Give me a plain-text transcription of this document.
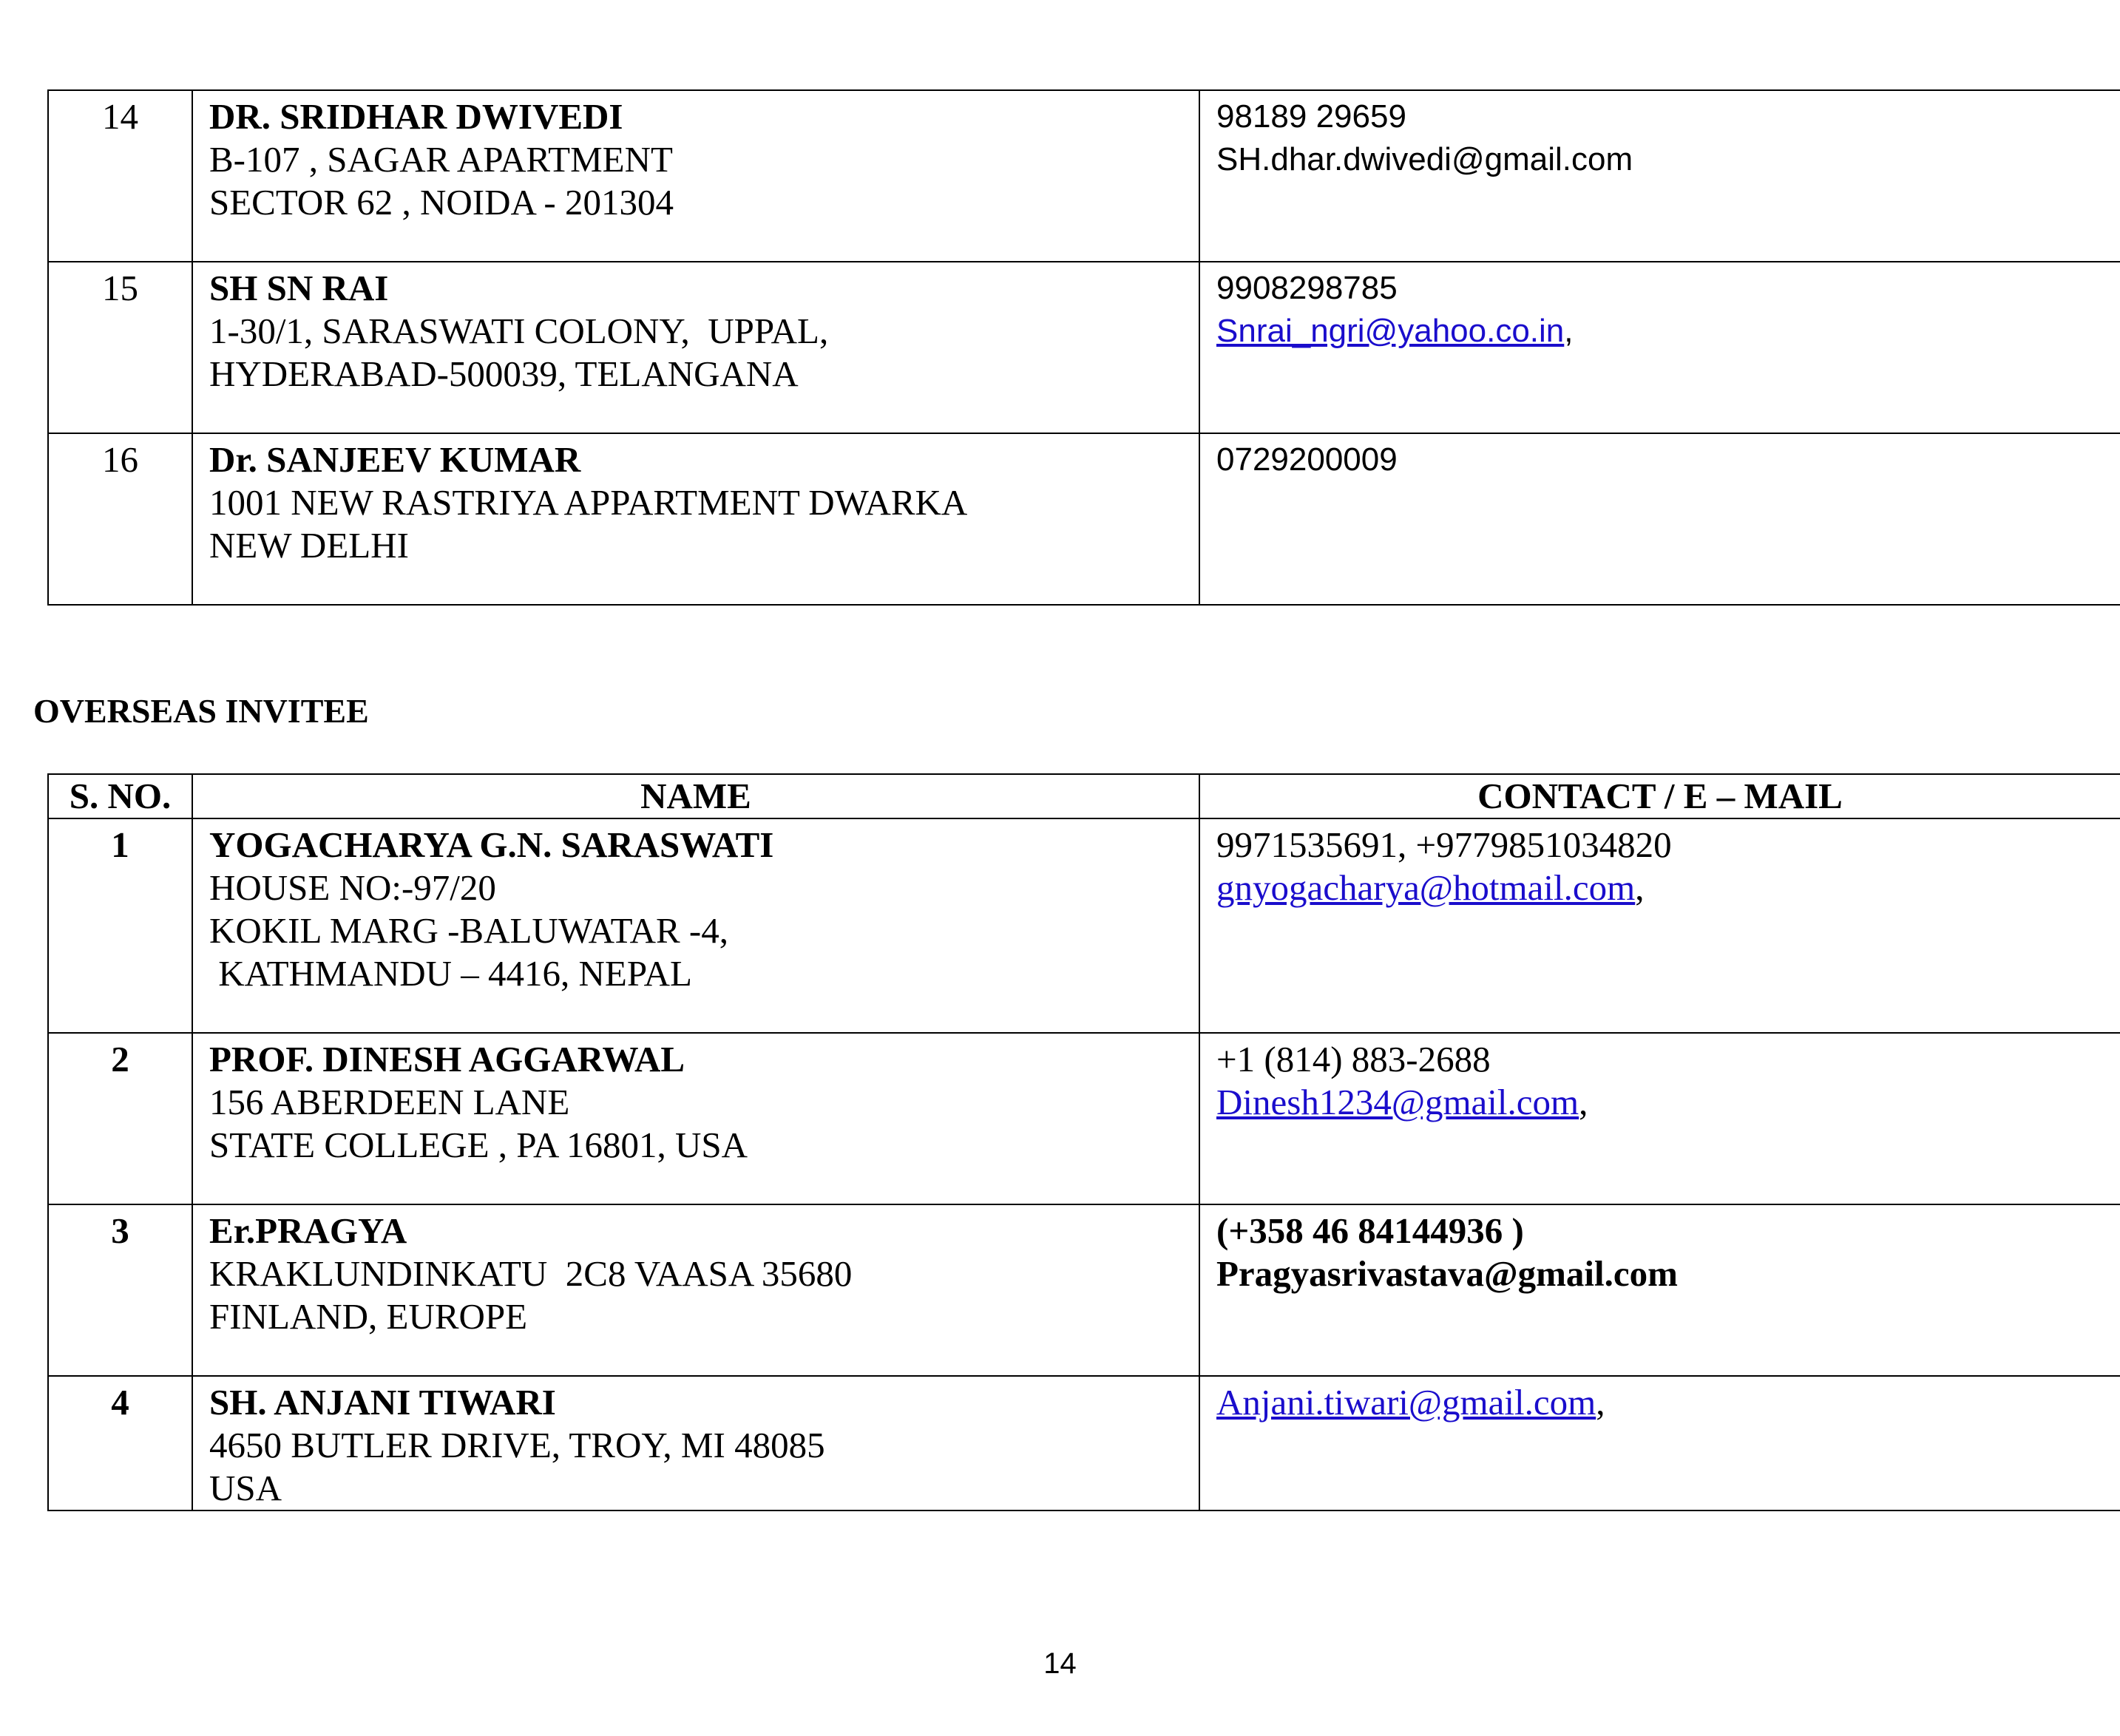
14	DR. SRIDHAR DWIVEDI
B-107 , SAGAR APARTMENT
SECTOR 62 , NOIDA - 201304	98189 29659
SH.dhar.dwivedi@gmail.com

15	SH SN RAI
1-30/1, SARASWATI COLONY,  UPPAL,
HYDERABAD-500039, TELANGANA	9908298785
Snrai_ngri@yahoo.co.in,

16	Dr. SANJEEV KUMAR
1001 NEW RASTRIYA APPARTMENT DWARKA
NEW DELHI	0729200009
OVERSEAS INVITEE
S. NO.	NAME	CONTACT / E – MAIL
1	YOGACHARYA G.N. SARASWATI
HOUSE NO:-97/20
KOKIL MARG -BALUWATAR -4,
KATHMANDU – 4416, NEPAL	9971535691, +9779851034820
gnyogacharya@hotmail.com,

2	PROF. DINESH AGGARWAL
156 ABERDEEN LANE
STATE COLLEGE , PA 16801, USA	+1 (814) 883-2688
Dinesh1234@gmail.com,

3	Er.PRAGYA
KRAKLUNDINKATU  2C8 VAASA 35680
FINLAND, EUROPE	(+358 46 84144936 )
Pragyasrivastava@gmail.com

4	SH. ANJANI TIWARI
4650 BUTLER DRIVE, TROY, MI 48085
USA	Anjani.tiwari@gmail.com,
14
